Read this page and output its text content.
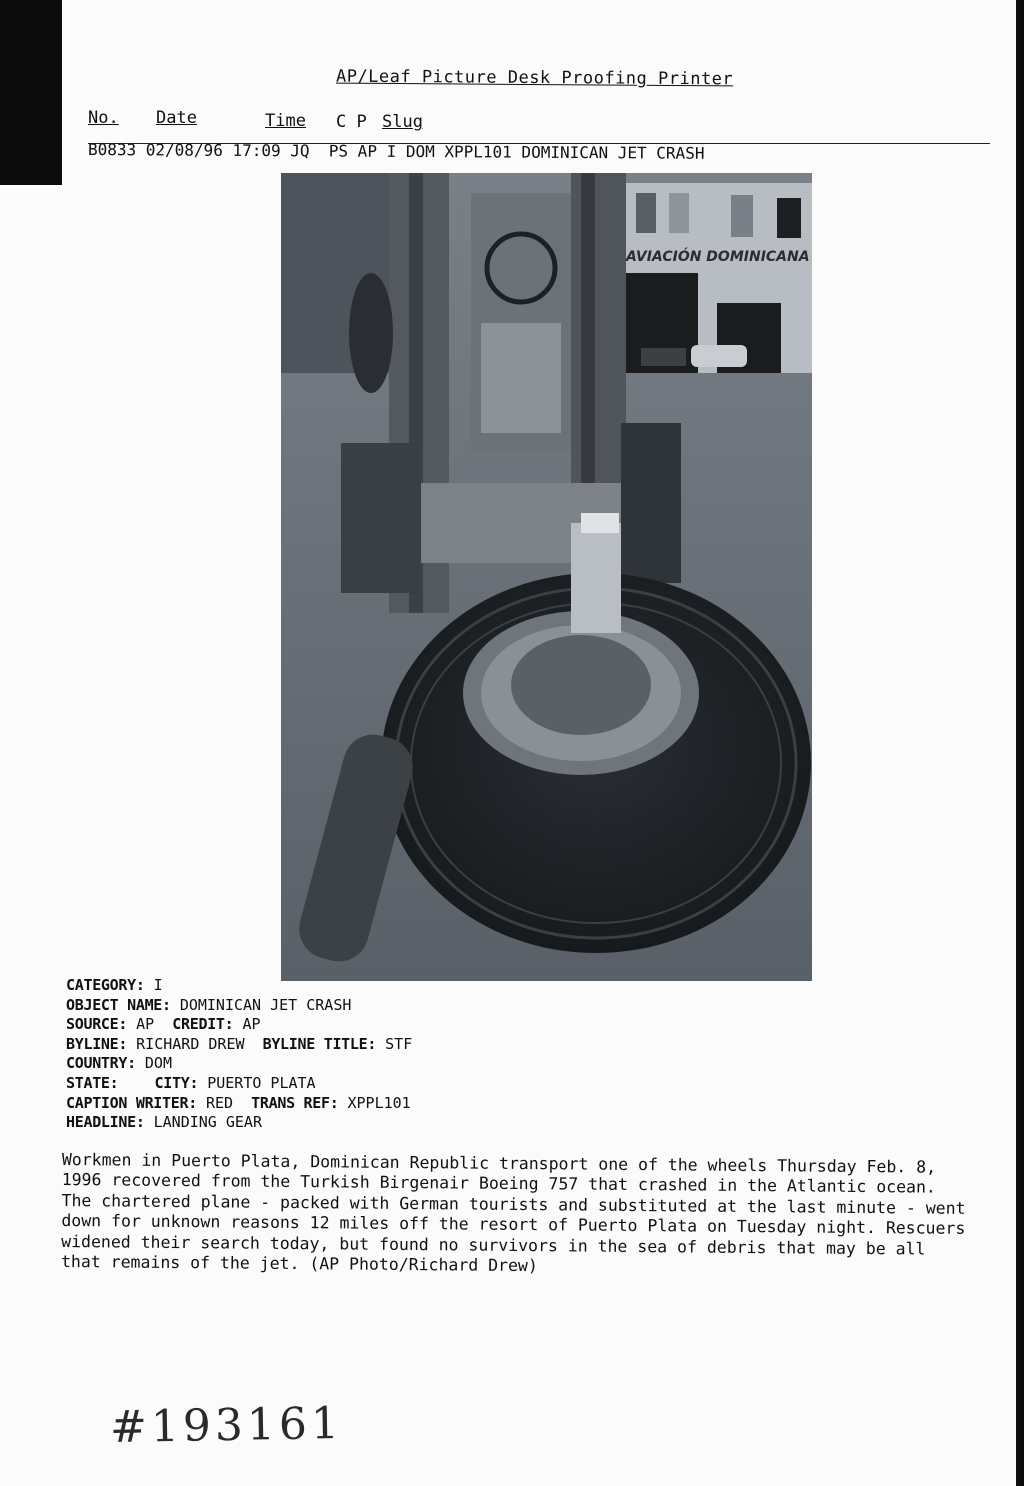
AP/Leaf Picture Desk Proofing Printer
No. Date	Time C P Slug
B0833 02/08/96 17:09 JQ  PS AP I DOM XPPL101 DOMINICAN JET CRASH
AVIACIÓN DOMINICANA
CATEGORY: I
OBJECT NAME: DOMINICAN JET CRASH
SOURCE: AP CREDIT: AP
BYLINE: RICHARD DREW BYLINE TITLE: STF
COUNTRY: DOM
STATE: CITY: PUERTO PLATA
CAPTION WRITER: RED TRANS REF: XPPL101
HEADLINE: LANDING GEAR

Workmen in Puerto Plata, Dominican Republic transport one of the wheels Thursday Feb. 8, 1996 recovered from the Turkish Birgenair Boeing 757 that crashed in the Atlantic ocean. The chartered plane - packed with German tourists and substituted at the last minute - went down for unknown reasons 12 miles off the resort of Puerto Plata on Tuesday night. Rescuers widened their search today, but found no survivors in the sea of debris that may be all that remains of the jet. (AP Photo/Richard Drew)

#193161
